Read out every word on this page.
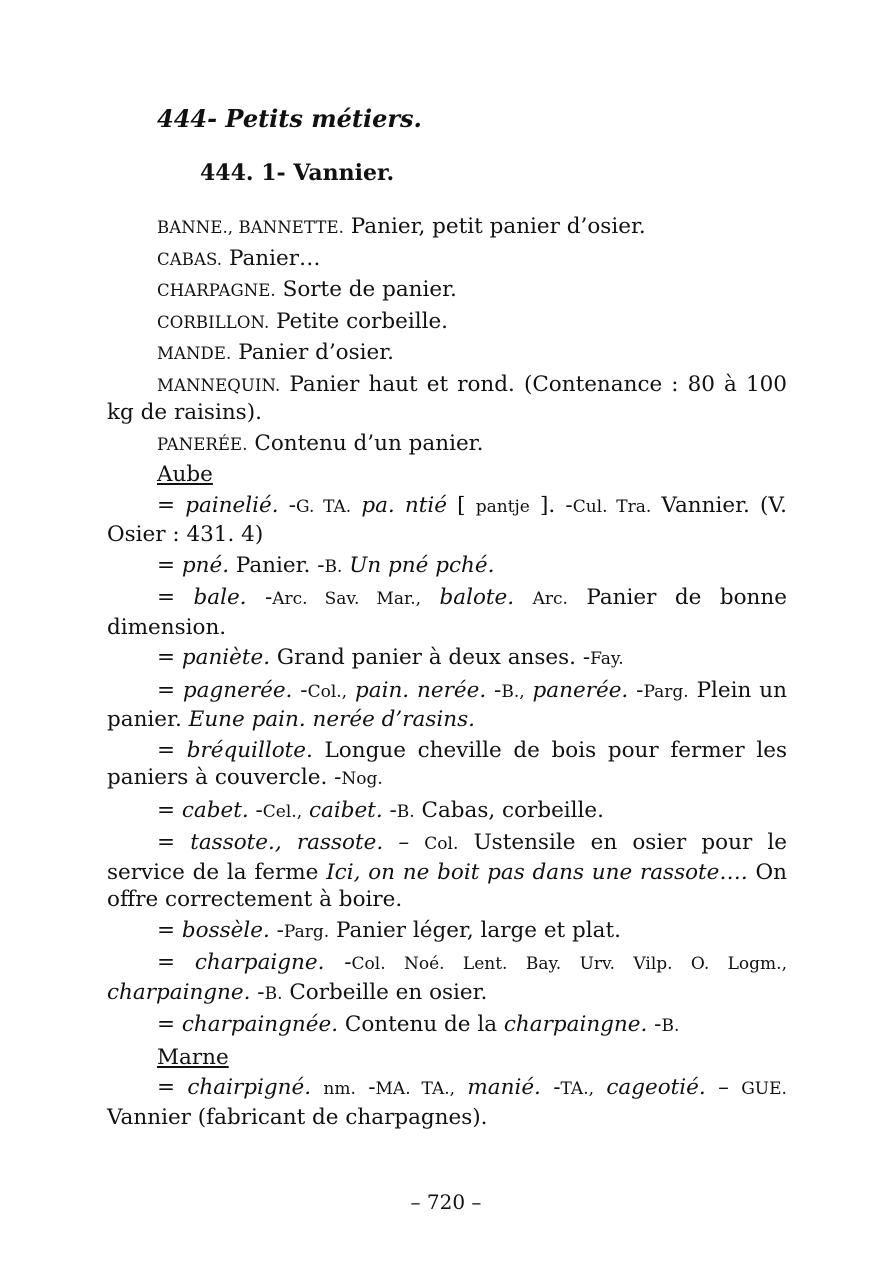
444- Petits métiers.
444. 1- Vannier.

BANNE., BANNETTE. Panier, petit panier d’osier.

CABAS. Panier…

CHARPAGNE. Sorte de panier.

CORBILLON. Petite corbeille.

MANDE. Panier d’osier.

MANNEQUIN. Panier haut et rond. (Contenance : 80 à 100 kg de raisins).

PANERÉE. Contenu d’un panier.

Aube

= painelié. -G. TA. pa. ntié [ pantje ]. -Cul. Tra. Vannier. (V. Osier : 431. 4)

= pné. Panier. -B. Un pné pché.

= bale. -Arc. Sav. Mar., balote. Arc. Panier de bonne dimension.

= paniète. Grand panier à deux anses. -Fay.

= pagnerée. -Col., pain. nerée. -B., panerée. -Parg. Plein un panier. Eune pain. nerée d’rasins.

= bréquillote. Longue cheville de bois pour fermer les paniers à couvercle. -Nog.

= cabet. -Cel., caibet. -B. Cabas, corbeille.

= tassote., rassote. – Col. Ustensile en osier pour le service de la ferme Ici, on ne boit pas dans une rassote…. On offre correctement à boire.

= bossèle. -Parg. Panier léger, large et plat.

= charpaigne. -Col. Noé. Lent. Bay. Urv. Vilp. O. Logm., charpaingne. -B. Corbeille en osier.

= charpaingnée. Contenu de la charpaingne. -B.

Marne

= chairpigné. nm. -MA. TA., manié. -TA., cageotié. – GUE. Vannier (fabricant de charpagnes).

– 720 –
